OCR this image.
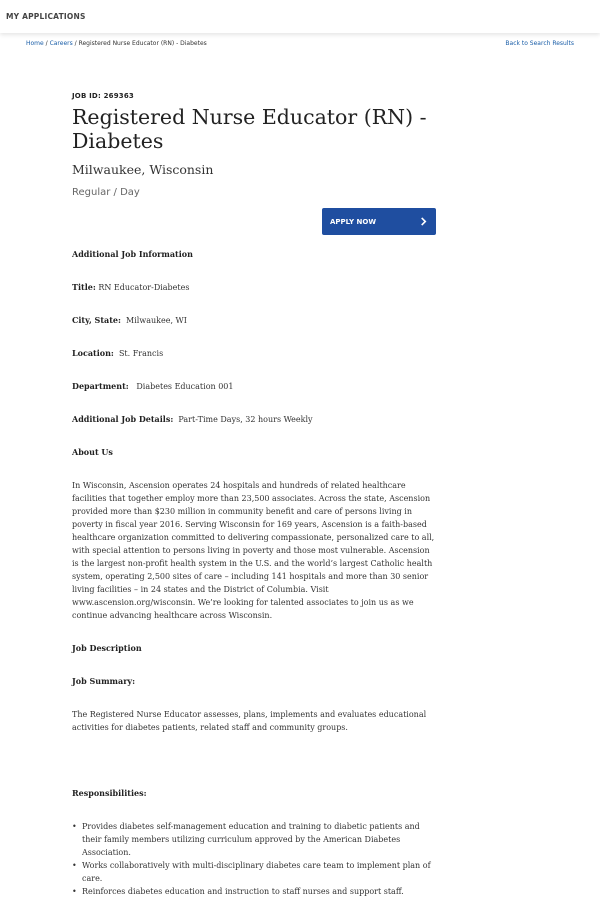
MY APPLICATIONS
Home / Careers / Registered Nurse Educator (RN) - Diabetes	Back to Search Results
JOB ID: 269363
Registered Nurse Educator (RN) - Diabetes
Milwaukee, Wisconsin
Regular / Day
APPLY NOW
Additional Job Information
Title: RN Educator-Diabetes
City, State: Milwaukee, WI
Location: St. Francis
Department: Diabetes Education 001
Additional Job Details: Part-Time Days, 32 hours Weekly
About Us
In Wisconsin, Ascension operates 24 hospitals and hundreds of related healthcare facilities that together employ more than 23,500 associates. Across the state, Ascension provided more than $230 million in community benefit and care of persons living in poverty in fiscal year 2016. Serving Wisconsin for 169 years, Ascension is a faith-based healthcare organization committed to delivering compassionate, personalized care to all, with special attention to persons living in poverty and those most vulnerable. Ascension is the largest non-profit health system in the U.S. and the world’s largest Catholic health system, operating 2,500 sites of care – including 141 hospitals and more than 30 senior living facilities – in 24 states and the District of Columbia. Visit www.ascension.org/wisconsin. We’re looking for talented associates to join us as we continue advancing healthcare across Wisconsin.
Job Description
Job Summary:
The Registered Nurse Educator assesses, plans, implements and evaluates educational activities for diabetes patients, related staff and community groups.
Responsibilities:
• Provides diabetes self-management education and training to diabetic patients and their family members utilizing curriculum approved by the American Diabetes Association.
• Works collaboratively with multi-disciplinary diabetes care team to implement plan of care.
• Reinforces diabetes education and instruction to staff nurses and support staff.
